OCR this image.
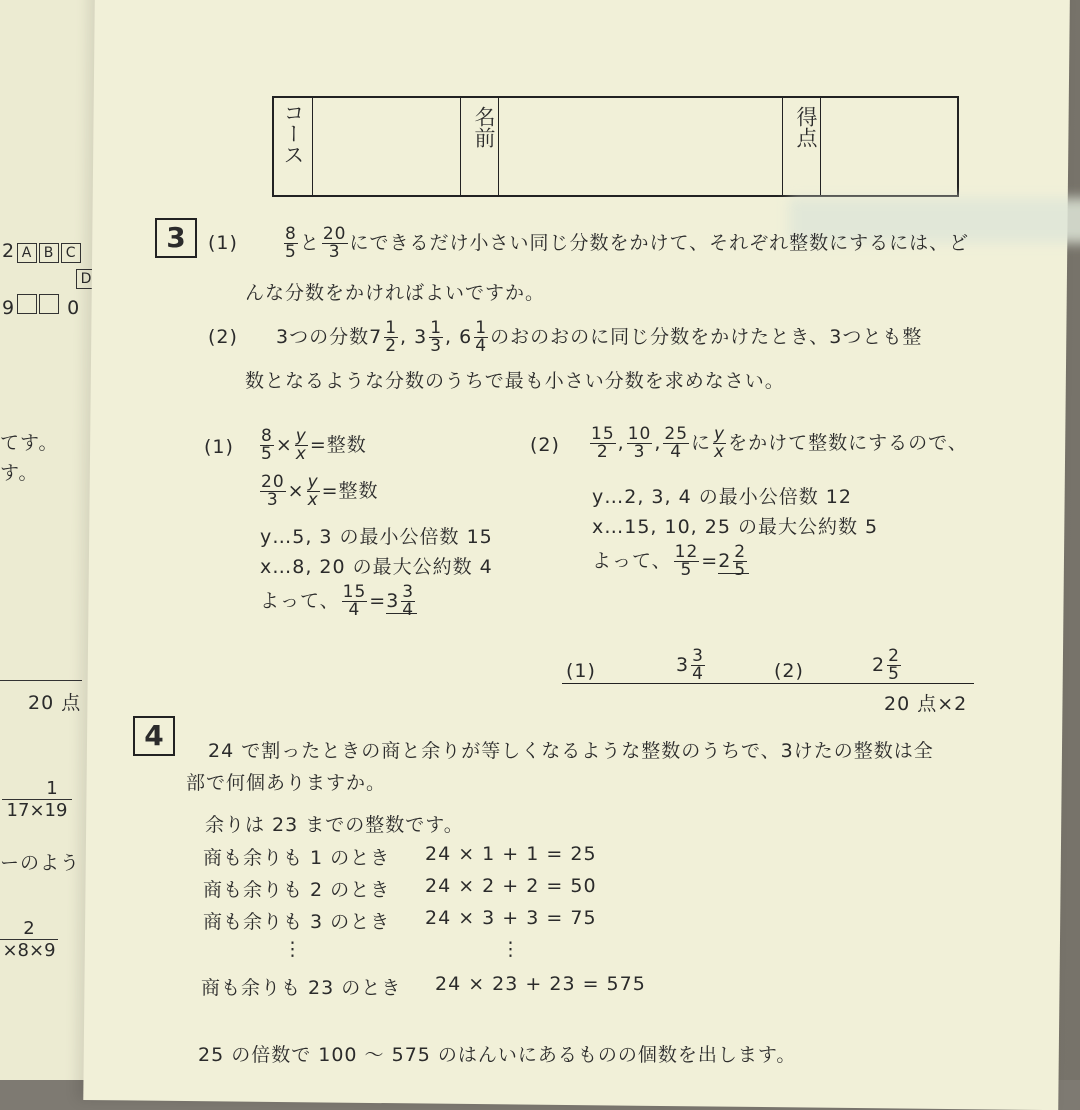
2 A B C
D
9	0
てす。
す。
20 点
$\frac{1}{17\times 19}$
ーのよう
$\frac{2}{\times 8\times 9}$
コース	名前	得点
3	(1)	$\frac{8}{5}$ と $\frac{20}{3}$ にできるだけ小さい同じ分数をかけて、それぞれ整数にするには、ど
んな分数をかければよいですか。
(2) 3つの分数$7 \frac{1}{2}$ , $3 \frac{1}{3}$ , $6 \frac{1}{4}$ のおのおのに同じ分数をかけたとき、3つとも整
数となるような分数のうちで最も小さい分数を求めなさい。
$(1) \frac{8}{5} \times \frac{y}{x}$ =整数
$\frac{20}{3} \times \frac{y}{x}$ =整数
y…5, 3 の最小公倍数 15
x…8, 20 の最大公約数 4
よって、 $\frac{15}{4} =3 \frac{3}{4}$
$(2) \frac{15}{2}$ , $\frac{10}{3}$ , $\frac{25}{4}$ に $\frac{y}{x}$ をかけて整数にするので、
y…2, 3, 4 の最小公倍数 12
x…15, 10, 25 の最大公約数 5
よって、 $\frac{12}{5} =2 \frac{2}{5}$
(1)	$3 \frac{3}{4}$	(2)	$2 \frac{2}{5}$
20 点×2
4	24 で割ったときの商と余りが等しくなるような整数のうちで、3けたの整数は全
部で何個ありますか。
余りは 23 までの整数です。
商も余りも 1 のとき 24 × 1 + 1 = 25
商も余りも 2 のとき 24 × 2 + 2 = 50
商も余りも 3 のとき 24 × 3 + 3 = 75
⋮	⋮
商も余りも 23 のとき 24 × 23 + 23 = 575
25 の倍数で 100 ～ 575 のはんいにあるものの個数を出します。
